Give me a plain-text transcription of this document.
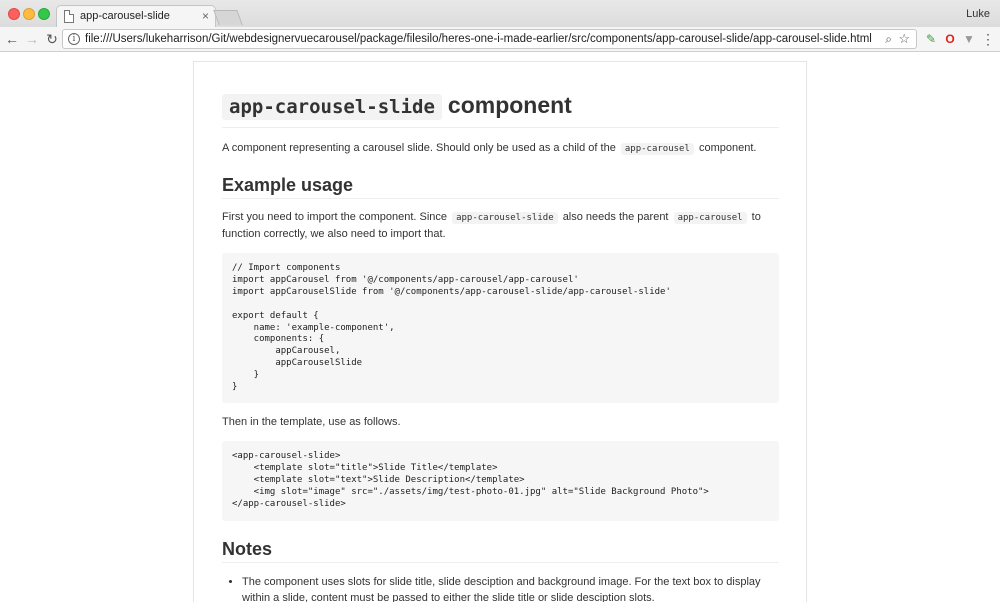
app-carousel-slide	×	Luke
← → ↻	i file:///Users/lukeharrison/Git/webdesignervuecarousel/package/filesilo/heres-one-i-made-earlier/src/components/app-carousel-slide/app-carousel-slide.html ⌕ ☆ ✎ O ▼ ⋮
app-carousel-slide component

A component representing a carousel slide. Should only be used as a child of the app-carousel component.

Example usage

First you need to import the component. Since app-carousel-slide also needs the parent app-carousel to function correctly, we also need to import that.

// Import components
import appCarousel from '@/components/app-carousel/app-carousel'
import appCarouselSlide from '@/components/app-carousel-slide/app-carousel-slide'

export default {
name: 'example-component',
components: {
appCarousel,
appCarouselSlide
}
}

Then in the template, use as follows.

<app-carousel-slide>
<template slot="title">Slide Title</template>
<template slot="text">Slide Description</template>
<img slot="image" src="./assets/img/test-photo-01.jpg" alt="Slide Background Photo">
</app-carousel-slide>
Notes
• The component uses slots for slide title, slide desciption and background image. For the text box to display within a slide, content must be passed to either the slide title or slide desciption slots.
